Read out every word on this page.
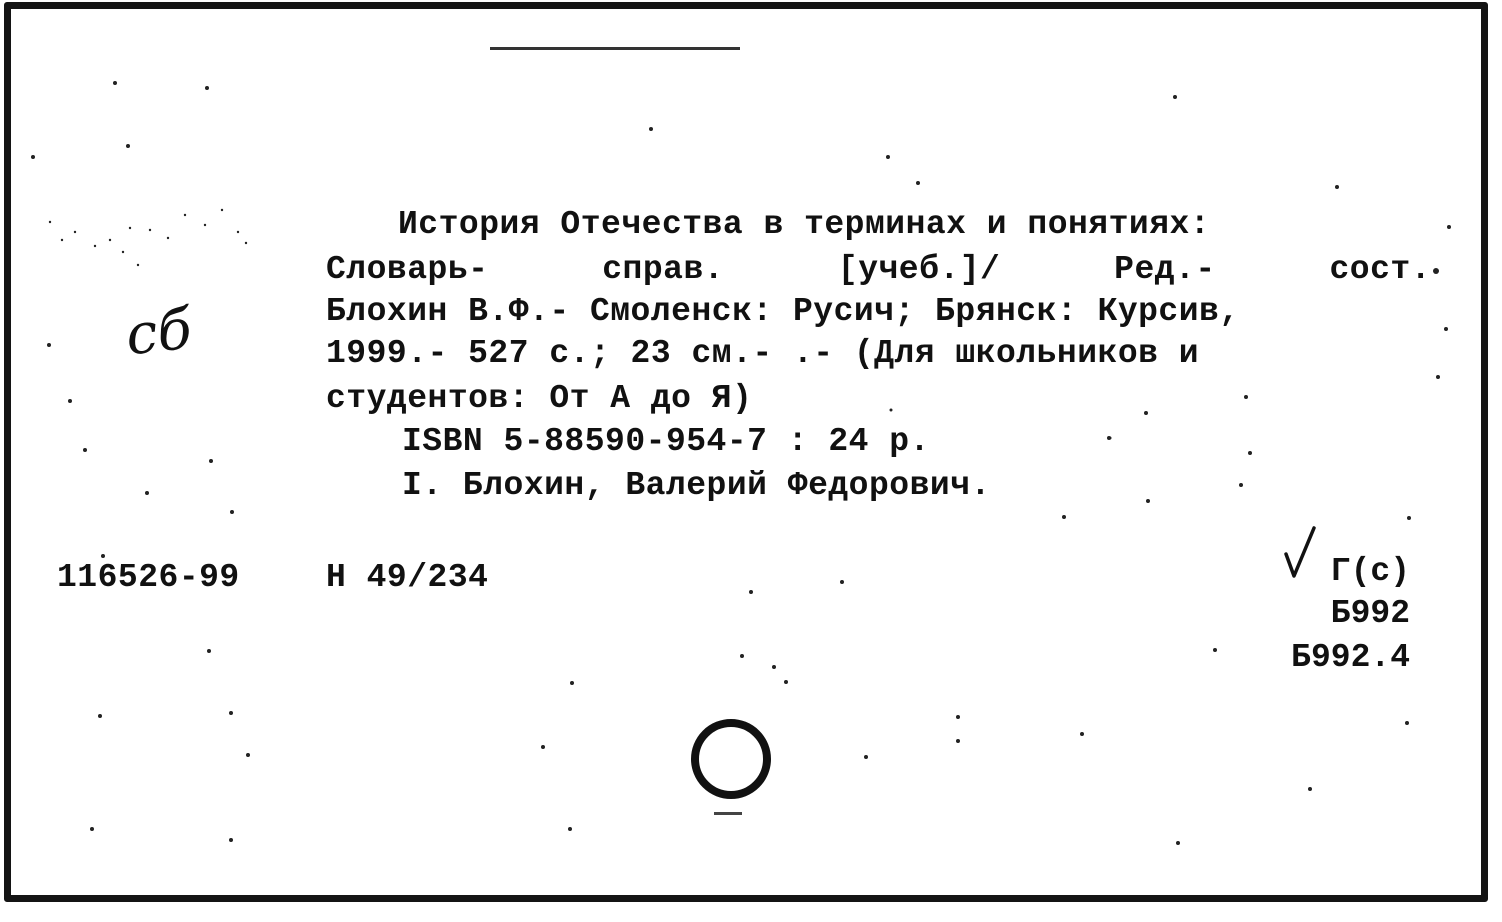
История Отечества в терминах и понятиях:
Словарь- справ. [учеб.]/ Ред.- сост.
Блохин В.Ф.- Смоленск: Русич; Брянск: Курсив,
1999.- 527 с.; 23 см.- .- (Для школьников и
студентов: От А до Я)
ISBN 5-88590-954-7 : 24 р.
I. Блохин, Валерий Федорович.
сб
116526-99	Н 49/234	Г(с)
Б992
Б992.4
